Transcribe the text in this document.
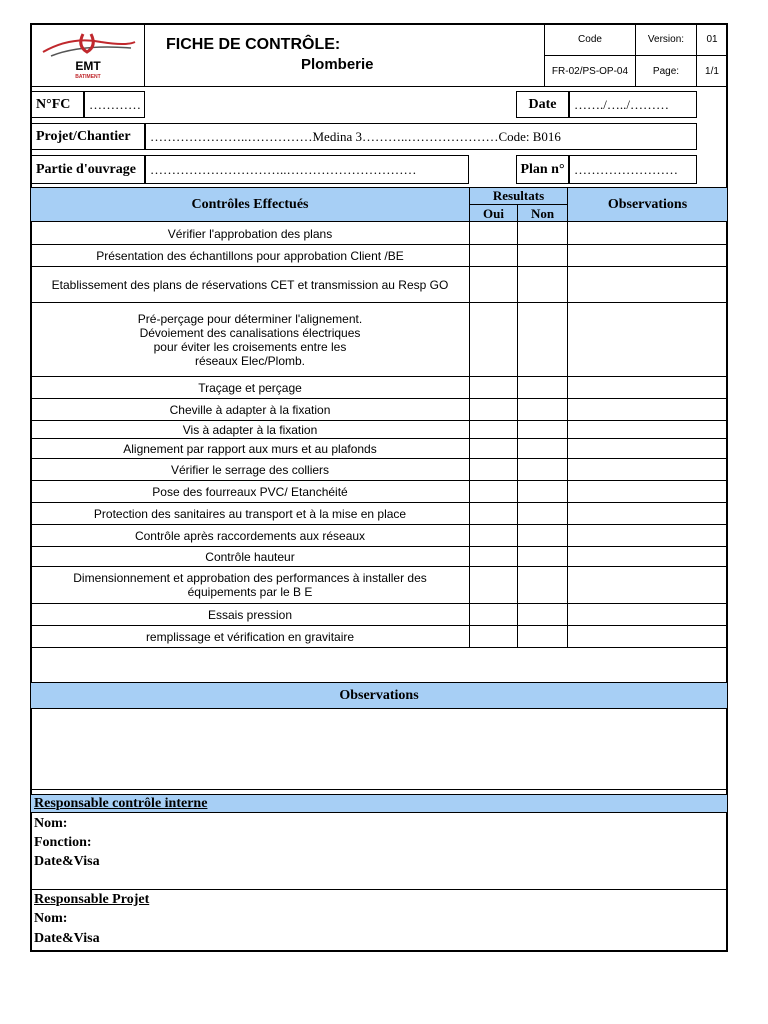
EMT
BATIMENT
FICHE DE CONTRÔLE:
Plomberie
Code
FR-02/PS-OP-04
Version:	01
Page:	1/1
N°FC	…………	Date	……./…../………
Projet/Chantier	…………………..……………Medina 3………..…………………Code: B016
Partie d'ouvrage	…………………………..…………………………	Plan n° ……………………
Contrôles Effectués
Resultats
Oui	Non
Observations
Vérifier l'approbation des plans
Présentation des échantillons pour approbation Client /BE
Etablissement des plans de réservations CET et transmission au Resp GO
Pré-perçage pour déterminer l'alignement.
Dévoiement des canalisations électriques
pour éviter les croisements entre les
réseaux Elec/Plomb.
Traçage et perçage
Cheville à adapter à la fixation
Vis à adapter à la fixation
Alignement par rapport aux murs et au plafonds
Vérifier le serrage des colliers
Pose des fourreaux PVC/ Etanchéité
Protection des sanitaires au transport et à la mise en place
Contrôle après raccordements aux réseaux
Contrôle hauteur
Dimensionnement et approbation des performances à installer des
équipements par le B E
Essais pression
remplissage et vérification en gravitaire
Observations
Responsable contrôle interne
Nom:
Fonction:
Date&Visa
Responsable Projet
Nom:
Date&Visa
